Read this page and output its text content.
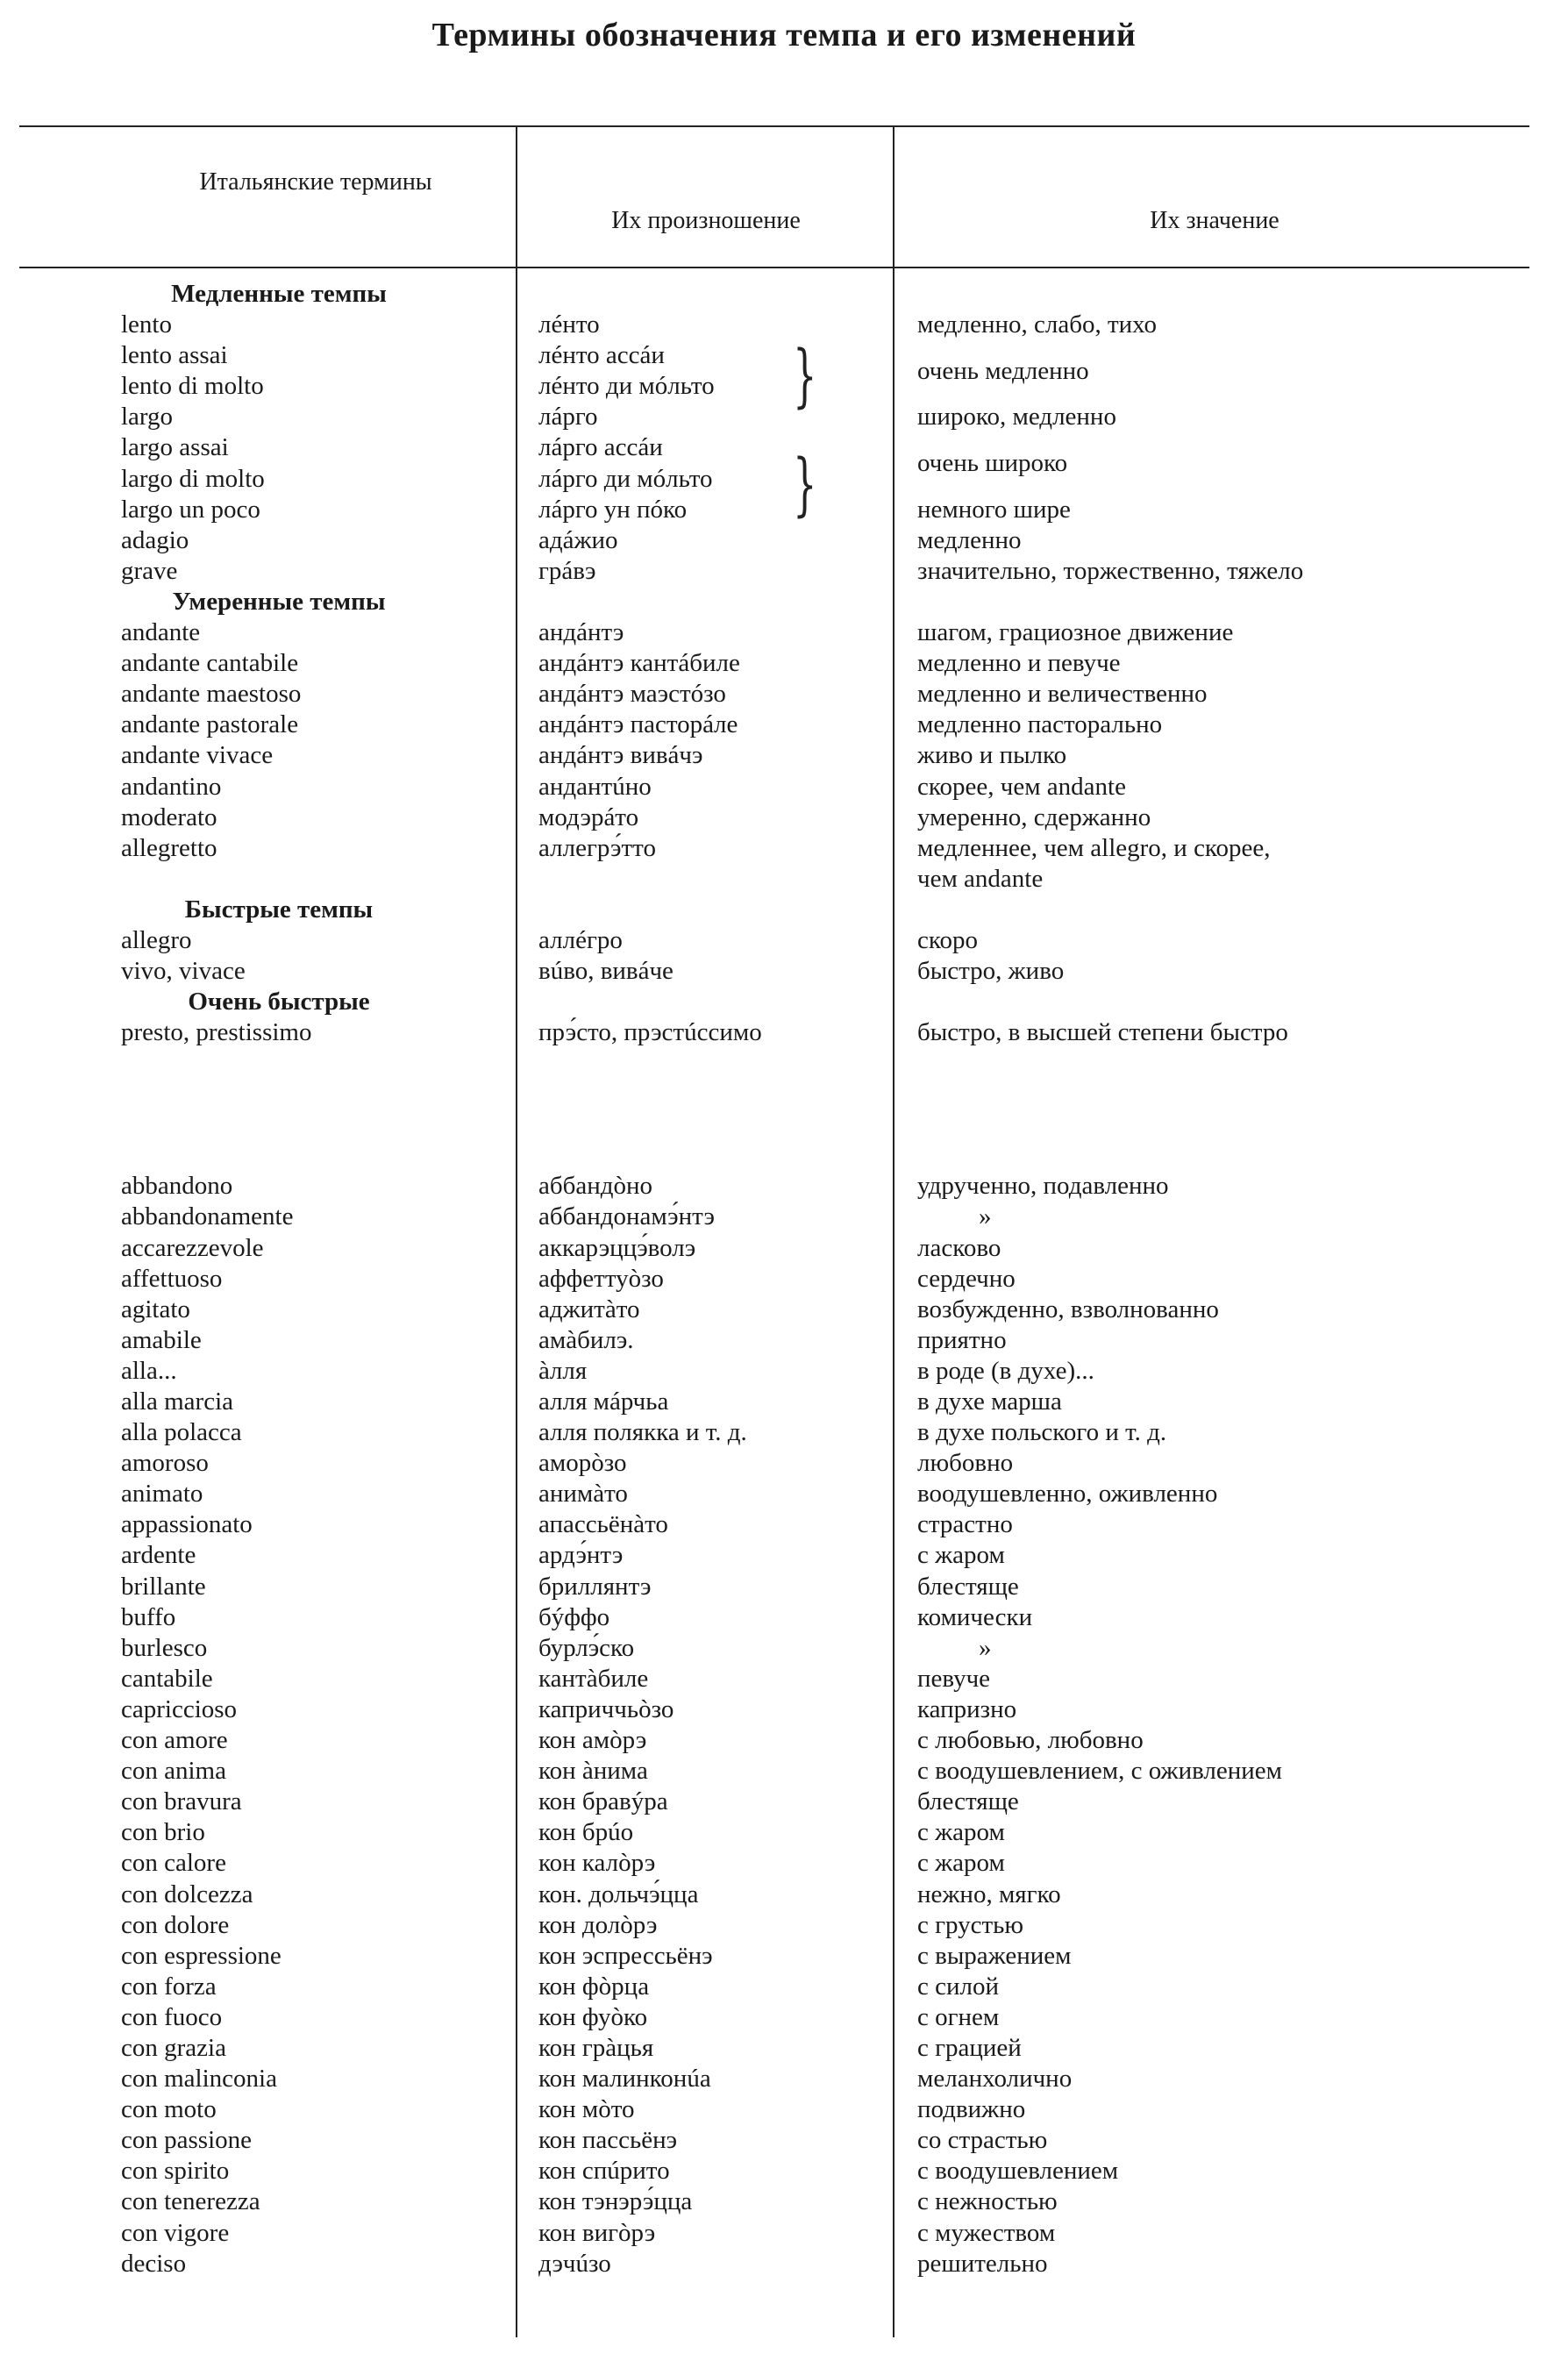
Термины обозначения темпа и его изменений
Итальянские термины
Их произношение	Их значение
}
}
Медленные темпы
lento
lento assai
lento di molto
largo
largo assai
largo di molto
largo un poco
adagio
grave
Умеренные темпы
andante
andante cantabile
andante maestoso
andante pastorale
andante vivace
andantino
moderato
allegretto
Быстрые темпы
allegro
vivo, vivace
Очень быстрые
presto, prestissimo
abbandono
abbandonamente
accarezzevole
affettuoso
agitato
amabile
alla...
alla marcia
alla polacca
amoroso
animato
appassionato
ardente
brillante
buffo
burlesco
cantabile
capriccioso
con amore
con anima
con bravura
con brio
con calore
con dolcezza
con dolore
con espressione
con forza
con fuoco
con grazia
con malinconia
con moto
con passione
con spirito
con tenerezza
con vigore
deciso
лéнто
лéнто ассáи
лéнто ди мóльто
лáрго
лáрго ассáи
лáрго ди мóльто
лáрго ун пóко
адáжио
грáвэ
андáнтэ
андáнтэ кантáбиле
андáнтэ маэстóзо
андáнтэ пасторáле
андáнтэ вивáчэ
андантúно
модэрáто
аллегрэ́тто
аллéгро
вúво, вивáче
прэ́сто, прэстúссимо
аббандòно
аббандонамэ́нтэ
аккарэццэ́волэ
аффеттуòзо
аджитàто
амàбилэ.
àлля
алля мáрчьа
алля полякка и т. д.
аморòзо
анимàто
апассьёнàто
ардэ́нтэ
бриллянтэ
бýффо
бурлэ́ско
кантàбиле
каприччьòзо
кон амòрэ
кон àнима
кон бравýра
кон брúо
кон калòрэ
кон. дольчэ́цца
кон долòрэ
кон эспрессьёнэ
кон фòрца
кон фуòко
кон грàцья
кон малинконúа
кон мòто
кон пассьёнэ
кон спúрито
кон тэнэрэ́цца
кон вигòрэ
дэчúзо
медленно, слабо, тихо
очень медленно
широко, медленно
очень широко
немного шире
медленно
значительно, торжественно, тяжело
шагом, грациозное движение
медленно и певуче
медленно и величественно
медленно пасторально
живо и пылко
скорее, чем andante
умеренно, сдержанно
медленнее, чем allegro, и скорее,
чем andante
скоро
быстро, живо
быстро, в высшей степени быстро
удрученно, подавленно
»
ласково
сердечно
возбужденно, взволнованно
приятно
в роде (в духе)...
в духе марша
в духе польского и т. д.
любовно
воодушевленно, оживленно
страстно
с жаром
блестяще
комически
»
певуче
капризно
с любовью, любовно
с воодушевлением, с оживлением
блестяще
с жаром
с жаром
нежно, мягко
с грустью
с выражением
с силой
с огнем
с грацией
меланхолично
подвижно
со страстью
с воодушевлением
с нежностью
с мужеством
решительно
